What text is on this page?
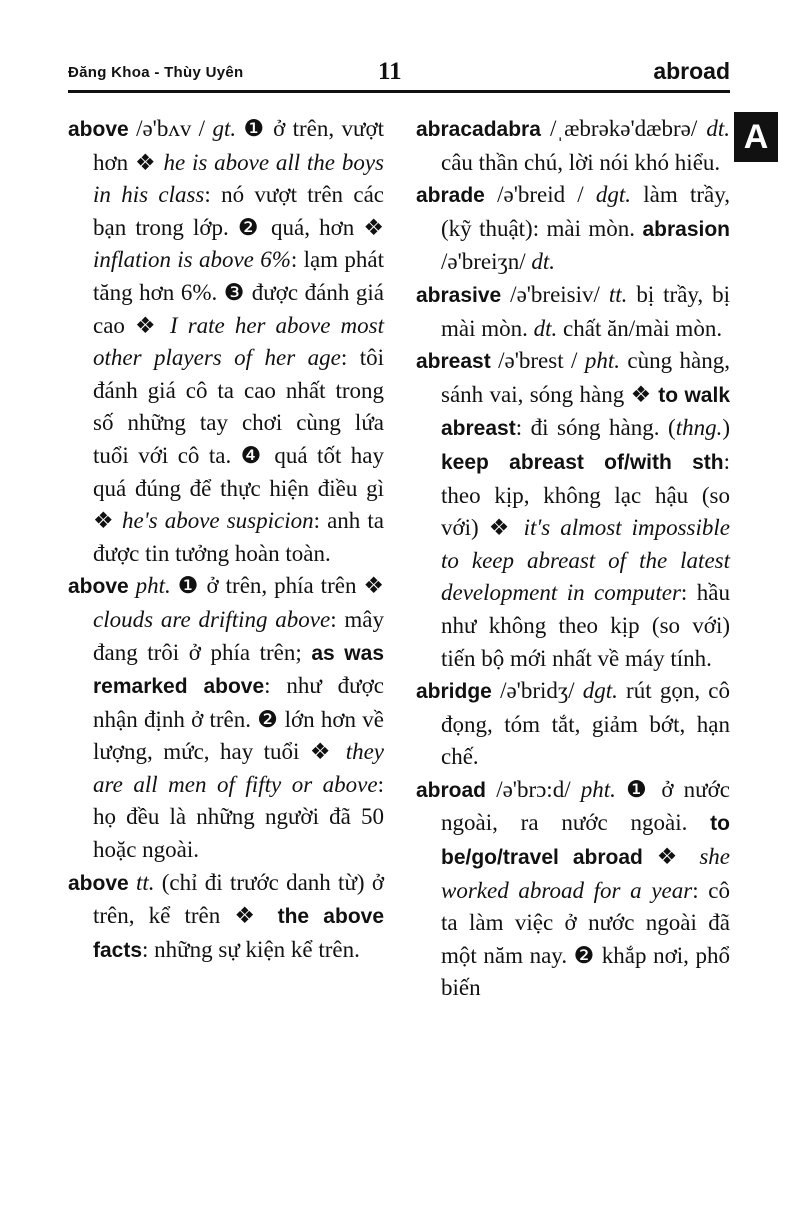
Đăng Khoa - Thùy Uyên	11	abroad
A

above /ə'bʌv / gt. ❶ ở trên, vượt hơn ❖ he is above all the boys in his class: nó vượt trên các bạn trong lớp. ❷ quá, hơn ❖ inflation is above 6%: lạm phát tăng hơn 6%. ❸ được đánh giá cao ❖ I rate her above most other players of her age: tôi đánh giá cô ta cao nhất trong số những tay chơi cùng lứa tuổi với cô ta. ❹ quá tốt hay quá đúng để thực hiện điều gì ❖ he's above suspicion: anh ta được tin tưởng hoàn toàn.

above pht. ❶ ở trên, phía trên ❖ clouds are drifting above: mây đang trôi ở phía trên; as was remarked above: như được nhận định ở trên. ❷ lớn hơn về lượng, mức, hay tuổi ❖ they are all men of fifty or above: họ đều là những người đã 50 hoặc ngoài.

above tt. (chỉ đi trước danh từ) ở trên, kể trên ❖ the above facts: những sự kiện kể trên.

abracadabra /ˌæbrəkə'dæbrə/ dt. câu thần chú, lời nói khó hiểu.

abrade /ə'breid / dgt. làm trầy, (kỹ thuật): mài mòn. abrasion /ə'breiʒn/ dt.

abrasive /ə'breisiv/ tt. bị trầy, bị mài mòn. dt. chất ăn/mài mòn.

abreast /ə'brest / pht. cùng hàng, sánh vai, sóng hàng ❖ to walk abreast: đi sóng hàng. (thng.) keep abreast of/with sth: theo kịp, không lạc hậu (so với) ❖ it's almost impossible to keep abreast of the latest development in computer: hầu như không theo kịp (so với) tiến bộ mới nhất về máy tính.

abridge /ə'bridʒ/ dgt. rút gọn, cô đọng, tóm tắt, giảm bớt, hạn chế.

abroad /ə'brɔ:d/ pht. ❶ ở nước ngoài, ra nước ngoài. to be/go/travel abroad ❖ she worked abroad for a year: cô ta làm việc ở nước ngoài đã một năm nay. ❷ khắp nơi, phổ biến
